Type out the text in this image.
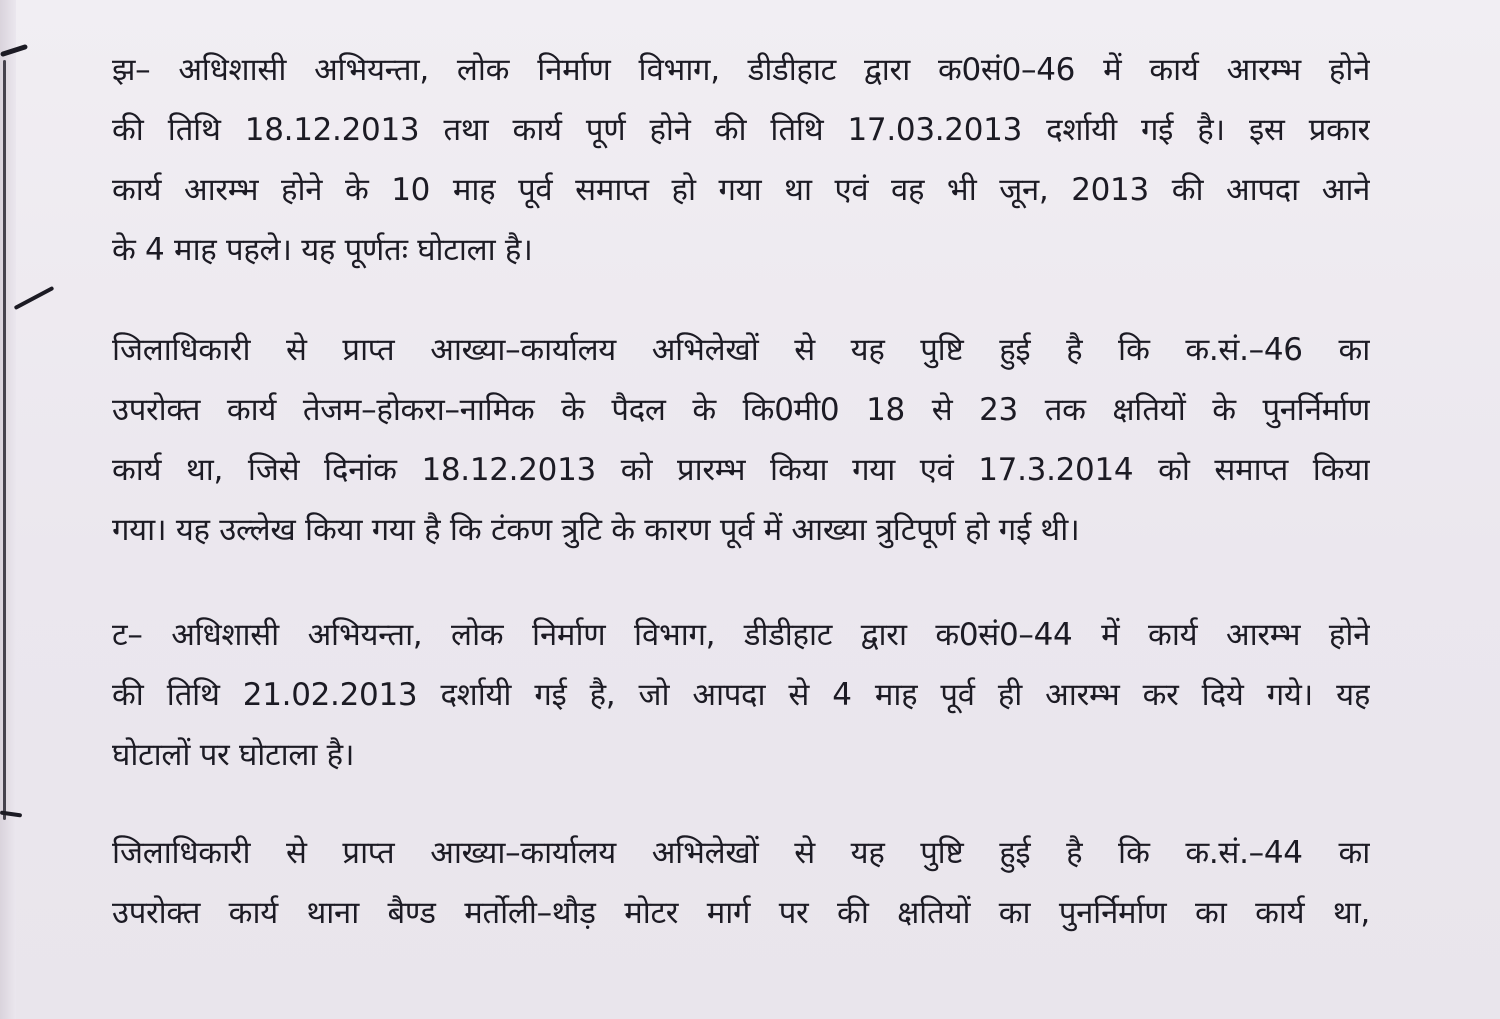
झ– अधिशासी अभियन्ता, लोक निर्माण विभाग, डीडीहाट द्वारा क0सं0–46 में कार्य आरम्भ होने
की तिथि 18.12.2013 तथा कार्य पूर्ण होने की तिथि 17.03.2013 दर्शायी गई है। इस प्रकार
कार्य आरम्भ होने के 10 माह पूर्व समाप्त हो गया था एवं वह भी जून, 2013 की आपदा आने
के 4 माह पहले। यह पूर्णतः घोटाला है।
जिलाधिकारी से प्राप्त आख्या–कार्यालय अभिलेखों से यह पुष्टि हुई है कि क.सं.–46 का
उपरोक्त कार्य तेजम–होकरा–नामिक के पैदल के कि0मी0 18 से 23 तक क्षतियों के पुनर्निर्माण
कार्य था, जिसे दिनांक 18.12.2013 को प्रारम्भ किया गया एवं 17.3.2014 को समाप्त किया
गया। यह उल्लेख किया गया है कि टंकण त्रुटि के कारण पूर्व में आख्या त्रुटिपूर्ण हो गई थी।
ट– अधिशासी अभियन्ता, लोक निर्माण विभाग, डीडीहाट द्वारा क0सं0–44 में कार्य आरम्भ होने
की तिथि 21.02.2013 दर्शायी गई है, जो आपदा से 4 माह पूर्व ही आरम्भ कर दिये गये। यह
घोटालों पर घोटाला है।
जिलाधिकारी से प्राप्त आख्या–कार्यालय अभिलेखों से यह पुष्टि हुई है कि क.सं.–44 का
उपरोक्त कार्य थाना बैण्ड मर्तोली–थौड़ मोटर मार्ग पर की क्षतियों का पुनर्निर्माण का कार्य था,
